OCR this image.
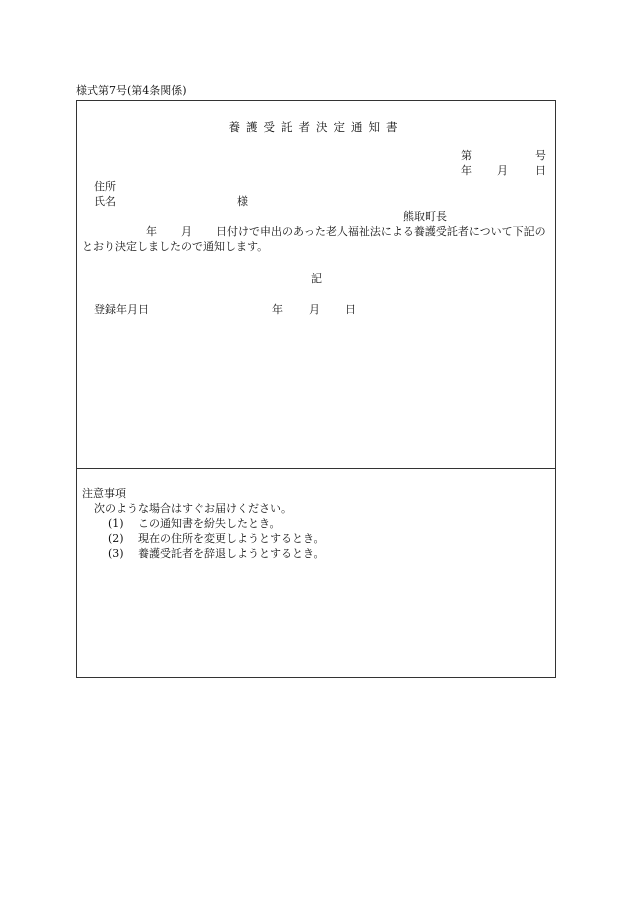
様式第7号(第4条関係)
養護受託者決定通知書
第	号
年 月 日
住所
氏名	様
熊取町長
年 月 日付けで申出のあった老人福祉法による養護受託者について下記のとおり決定しましたので通知します。
記
登録年月日	年 月 日
注意事項
次のような場合はすぐお届けください。
(1) この通知書を紛失したとき。
(2) 現在の住所を変更しようとするとき。
(3) 養護受託者を辞退しようとするとき。
